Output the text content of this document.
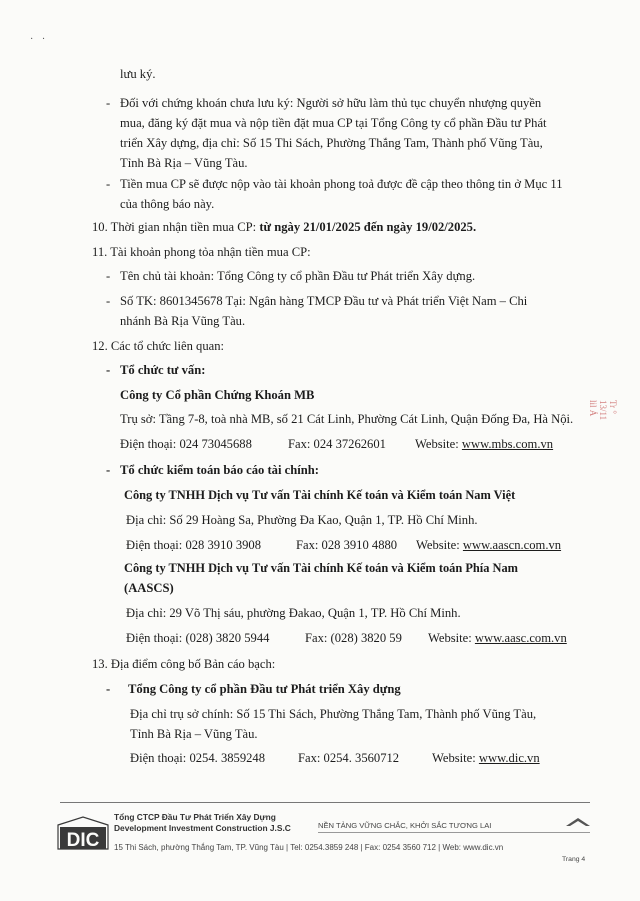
· ·
lưu ký.
- Đối với chứng khoán chưa lưu ký: Người sở hữu làm thủ tục chuyển nhượng quyền
mua, đăng ký đặt mua và nộp tiền đặt mua CP tại Tổng Công ty cổ phần Đầu tư Phát
triển Xây dựng, địa chỉ: Số 15 Thi Sách, Phường Thắng Tam, Thành phố Vũng Tàu,
Tỉnh Bà Rịa – Vũng Tàu.
- Tiền mua CP sẽ được nộp vào tài khoản phong toả được đề cập theo thông tin ở Mục 11
của thông báo này.
10. Thời gian nhận tiền mua CP: từ ngày 21/01/2025 đến ngày 19/02/2025.
11. Tài khoản phong tỏa nhận tiền mua CP:
- Tên chủ tài khoản: Tổng Công ty cổ phần Đầu tư Phát triển Xây dựng.
- Số TK: 8601345678 Tại: Ngân hàng TMCP Đầu tư và Phát triển Việt Nam – Chi
nhánh Bà Rịa Vũng Tàu.
12. Các tổ chức liên quan:
- Tổ chức tư vấn:
Công ty Cổ phần Chứng Khoán MB
Trụ sở: Tầng 7-8, toà nhà MB, số 21 Cát Linh, Phường Cát Linh, Quận Đống Đa, Hà Nội.
Điện thoại: 024 73045688	Fax: 024 37262601 Website: www.mbs.com.vn
- Tổ chức kiểm toán báo cáo tài chính:
Công ty TNHH Dịch vụ Tư vấn Tài chính Kế toán và Kiểm toán Nam Việt
Địa chỉ: Số 29 Hoàng Sa, Phường Đa Kao, Quận 1, TP. Hồ Chí Minh.
Điện thoại: 028 3910 3908	Fax: 028 3910 4880 Website: www.aascn.com.vn
Công ty TNHH Dịch vụ Tư vấn Tài chính Kế toán và Kiểm toán Phía Nam
(AASCS)
Địa chỉ: 29 Võ Thị sáu, phường Đakao, Quận 1, TP. Hồ Chí Minh.
Điện thoại: (028) 3820 5944	Fax: (028) 3820 59 Website: www.aasc.com.vn
13. Địa điểm công bố Bản cáo bạch:
- Tổng Công ty cổ phần Đầu tư Phát triển Xây dựng
Địa chỉ trụ sở chính: Số 15 Thi Sách, Phường Thắng Tam, Thành phố Vũng Tàu,
Tỉnh Bà Rịa – Vũng Tàu.
Điện thoại: 0254. 3859248	Fax: 0254. 3560712	Website: www.dic.vn
Tr ° 13/11 lil Ả
DIC
Tổng CTCP Đầu Tư Phát Triển Xây Dựng
Development Investment Construction J.S.C	NỀN TẢNG VỮNG CHẮC, KHỞI SẮC TƯƠNG LAI
15 Thi Sách, phường Thắng Tam, TP. Vũng Tàu | Tel: 0254.3859 248 | Fax: 0254 3560 712 | Web: www.dic.vn
Trang 4
